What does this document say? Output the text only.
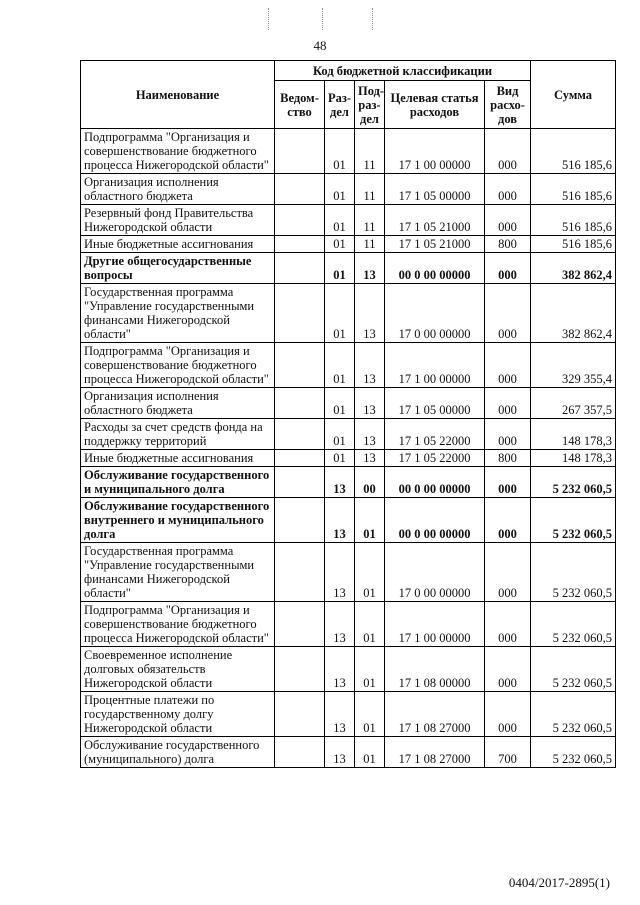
48
Наименование	Код бюджетной классификации					Сумма
	Ведом-ство	Раз-дел	Под-раз-дел	Целевая статья расходов	Вид расхо-дов	
Подпрограмма "Организация и совершенствование бюджетного процесса Нижегородской области"		01	11	17 1 00 00000	000	516 185,6
Организация исполнения областного бюджета		01	11	17 1 05 00000	000	516 185,6
Резервный фонд Правительства Нижегородской области		01	11	17 1 05 21000	000	516 185,6
Иные бюджетные ассигнования		01	11	17 1 05 21000	800	516 185,6
Другие общегосударственные вопросы		01	13	00 0 00 00000	000	382 862,4
Государственная программа "Управление государственными финансами Нижегородской области"		01	13	17 0 00 00000	000	382 862,4
Подпрограмма "Организация и совершенствование бюджетного процесса Нижегородской области"		01	13	17 1 00 00000	000	329 355,4
Организация исполнения областного бюджета		01	13	17 1 05 00000	000	267 357,5
Расходы за счет средств фонда на поддержку территорий		01	13	17 1 05 22000	000	148 178,3
Иные бюджетные ассигнования		01	13	17 1 05 22000	800	148 178,3
Обслуживание государственного и муниципального долга		13	00	00 0 00 00000	000	5 232 060,5
Обслуживание государственного внутреннего и муниципального долга		13	01	00 0 00 00000	000	5 232 060,5
Государственная программа "Управление государственными финансами Нижегородской области"		13	01	17 0 00 00000	000	5 232 060,5
Подпрограмма "Организация и совершенствование бюджетного процесса Нижегородской области"		13	01	17 1 00 00000	000	5 232 060,5
Своевременное исполнение долговых обязательств Нижегородской области		13	01	17 1 08 00000	000	5 232 060,5
Процентные платежи по государственному долгу Нижегородской области		13	01	17 1 08 27000	000	5 232 060,5
Обслуживание государственного (муниципального) долга		13	01	17 1 08 27000	700	5 232 060,5
0404/2017-2895(1)
